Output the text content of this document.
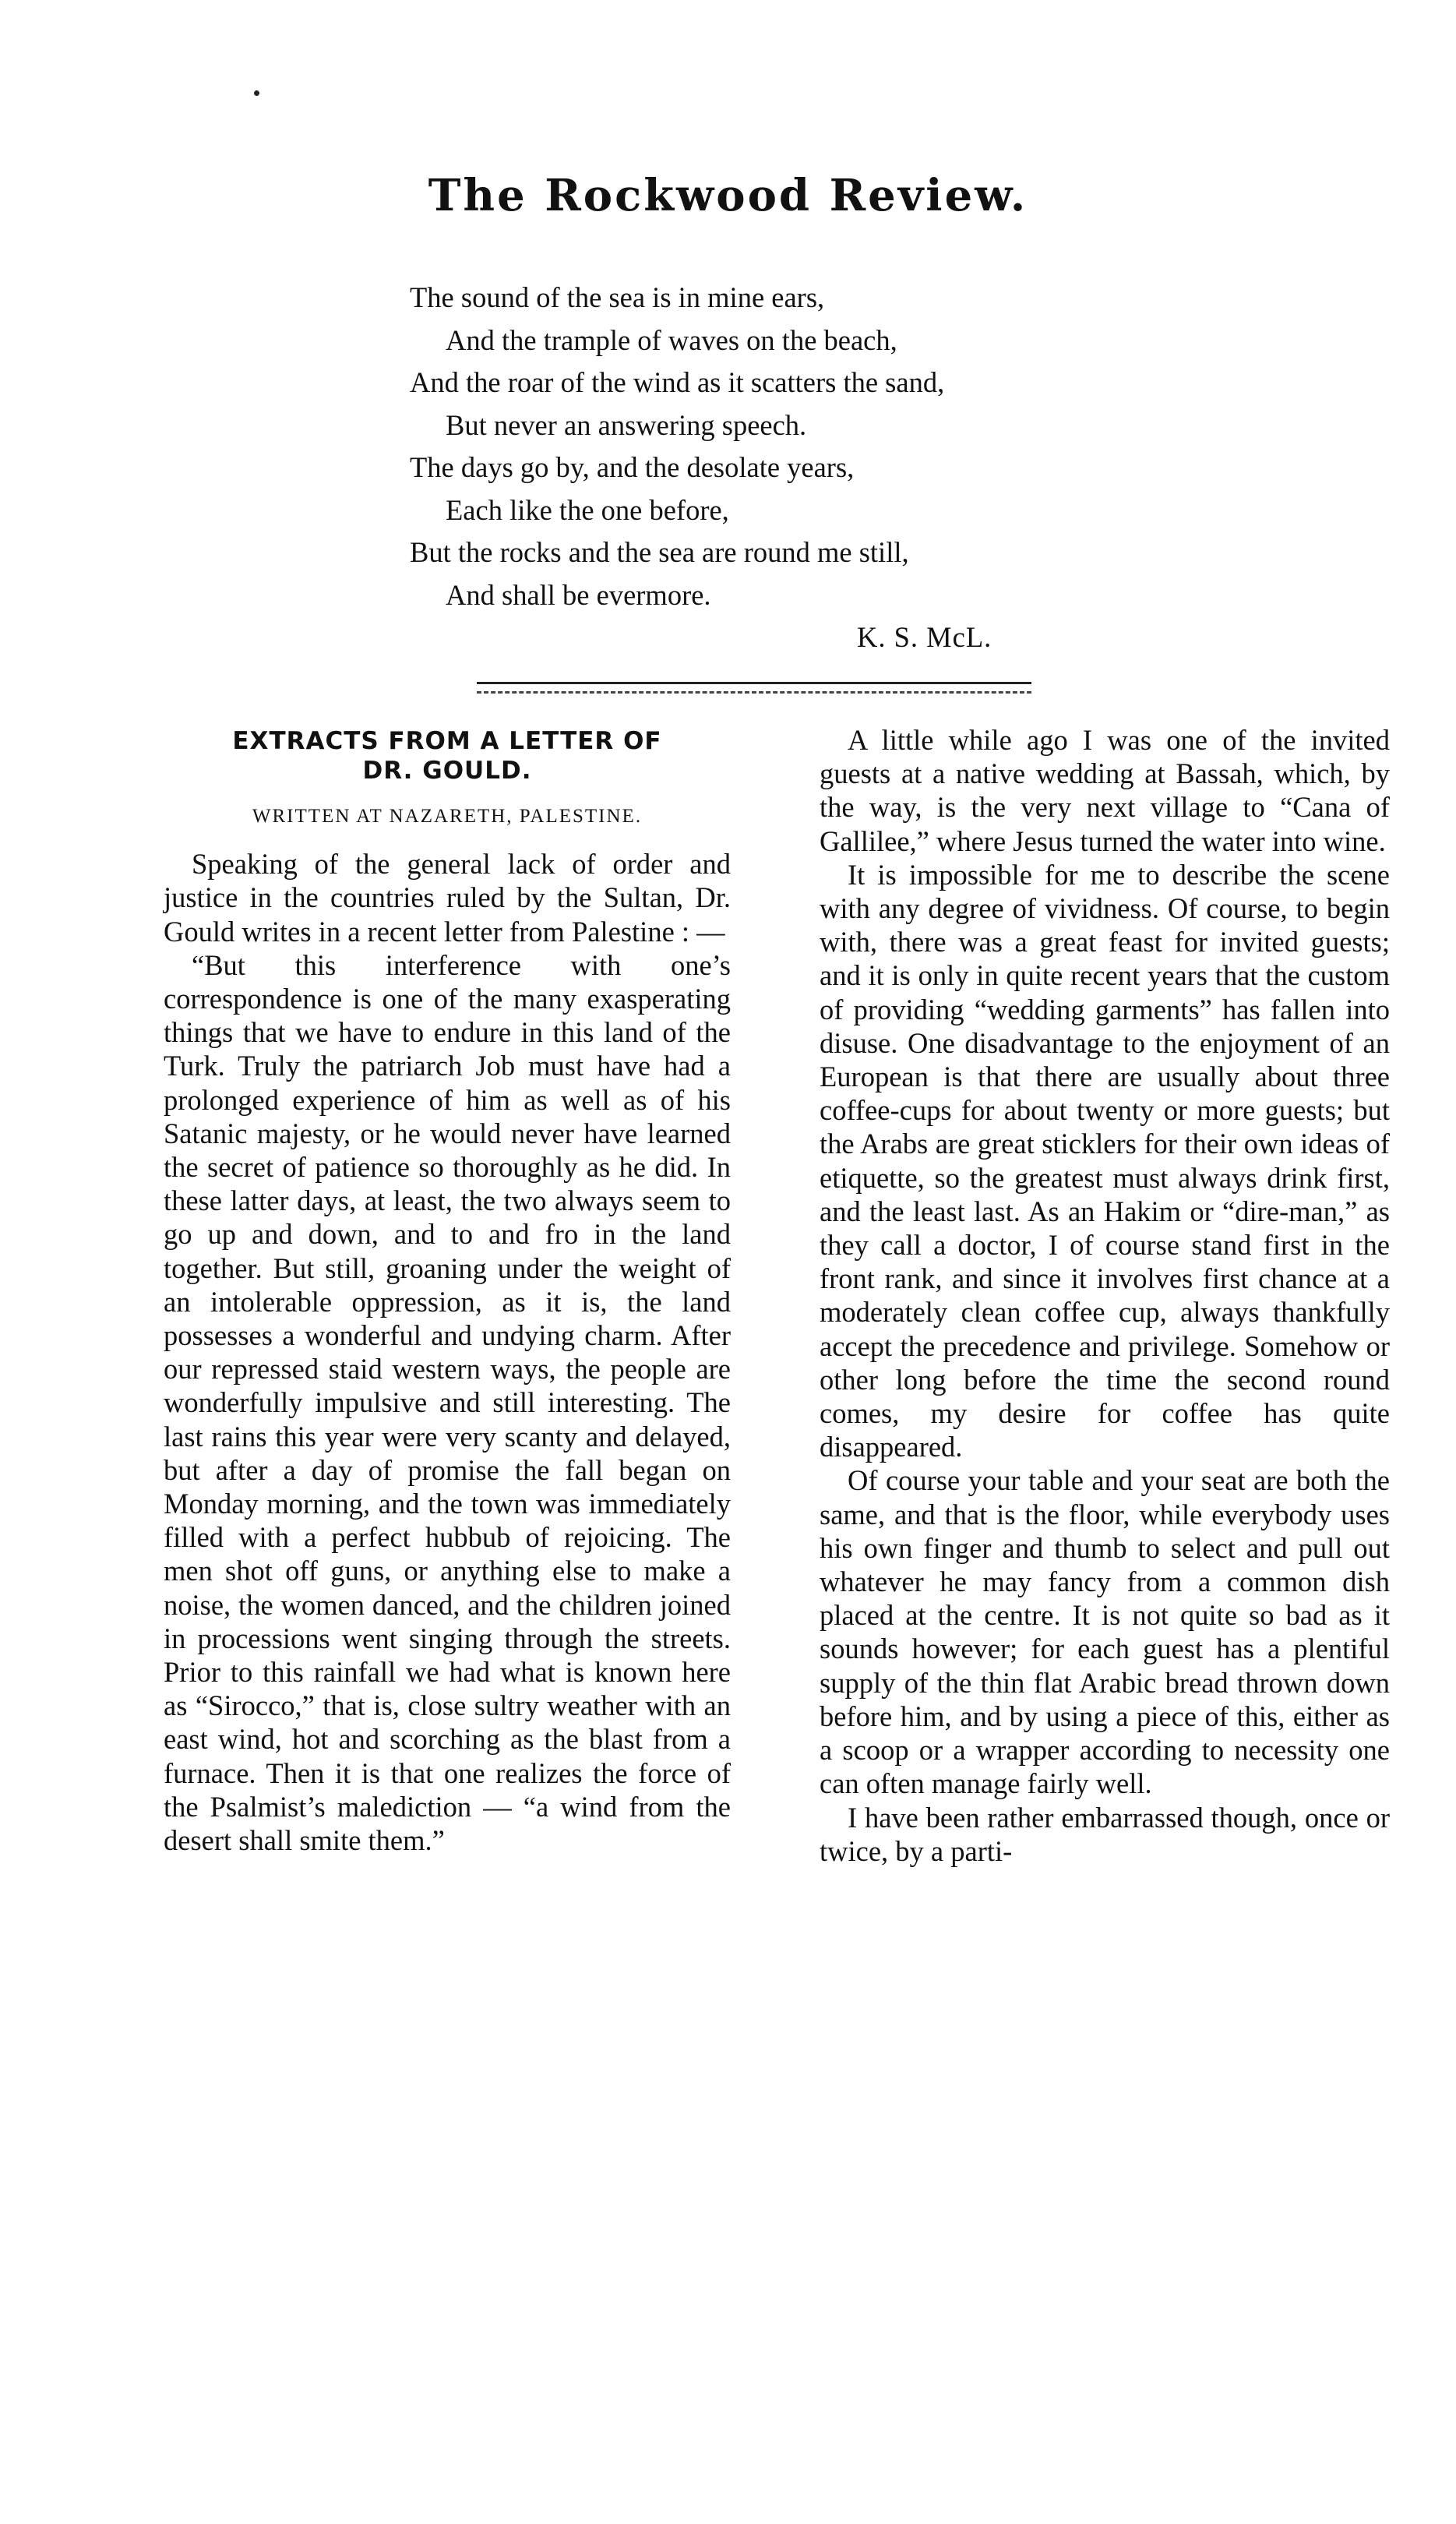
The Rockwood Review.
The sound of the sea is in mine ears,
And the trample of waves on the beach,
And the roar of the wind as it scatters the sand,
But never an answering speech.
The days go by, and the desolate years,
Each like the one before,
But the rocks and the sea are round me still,
And shall be evermore.
K. S. McL.
EXTRACTS FROM A LETTER OF
DR. GOULD.
WRITTEN AT NAZARETH, PALESTINE.

Speaking of the general lack of order and justice in the countries ruled by the Sultan, Dr. Gould writes in a recent letter from Palestine : —

“But this interference with one’s correspondence is one of the many exasperating things that we have to endure in this land of the Turk. Truly the patriarch Job must have had a prolonged experience of him as well as of his Satanic majesty, or he would never have learned the secret of patience so thoroughly as he did. In these latter days, at least, the two always seem to go up and down, and to and fro in the land together. But still, groaning under the weight of an intolerable oppression, as it is, the land possesses a wonderful and undying charm. After our repressed staid western ways, the people are wonderfully impulsive and still interesting. The last rains this year were very scanty and delayed, but after a day of promise the fall began on Monday morning, and the town was immediately filled with a perfect hubbub of rejoicing. The men shot off guns, or anything else to make a noise, the women danced, and the children joined in processions went singing through the streets. Prior to this rainfall we had what is known here as “Sirocco,” that is, close sultry weather with an east wind, hot and scorching as the blast from a furnace. Then it is that one realizes the force of the Psalmist’s malediction — “a wind from the desert shall smite them.”

A little while ago I was one of the invited guests at a native wedding at Bassah, which, by the way, is the very next village to “Cana of Gallilee,” where Jesus turned the water into wine.

It is impossible for me to describe the scene with any degree of vividness. Of course, to begin with, there was a great feast for invited guests; and it is only in quite recent years that the custom of providing “wedding garments” has fallen into disuse. One disadvantage to the enjoyment of an European is that there are usually about three coffee-cups for about twenty or more guests; but the Arabs are great sticklers for their own ideas of etiquette, so the greatest must always drink first, and the least last. As an Hakim or “dire-man,” as they call a doctor, I of course stand first in the front rank, and since it involves first chance at a moderately clean coffee cup, always thankfully accept the precedence and privilege. Somehow or other long before the time the second round comes, my desire for coffee has quite disappeared.

Of course your table and your seat are both the same, and that is the floor, while everybody uses his own finger and thumb to select and pull out whatever he may fancy from a common dish placed at the centre. It is not quite so bad as it sounds however; for each guest has a plentiful supply of the thin flat Arabic bread thrown down before him, and by using a piece of this, either as a scoop or a wrapper according to necessity one can often manage fairly well.

I have been rather embarrassed though, once or twice, by a parti-
